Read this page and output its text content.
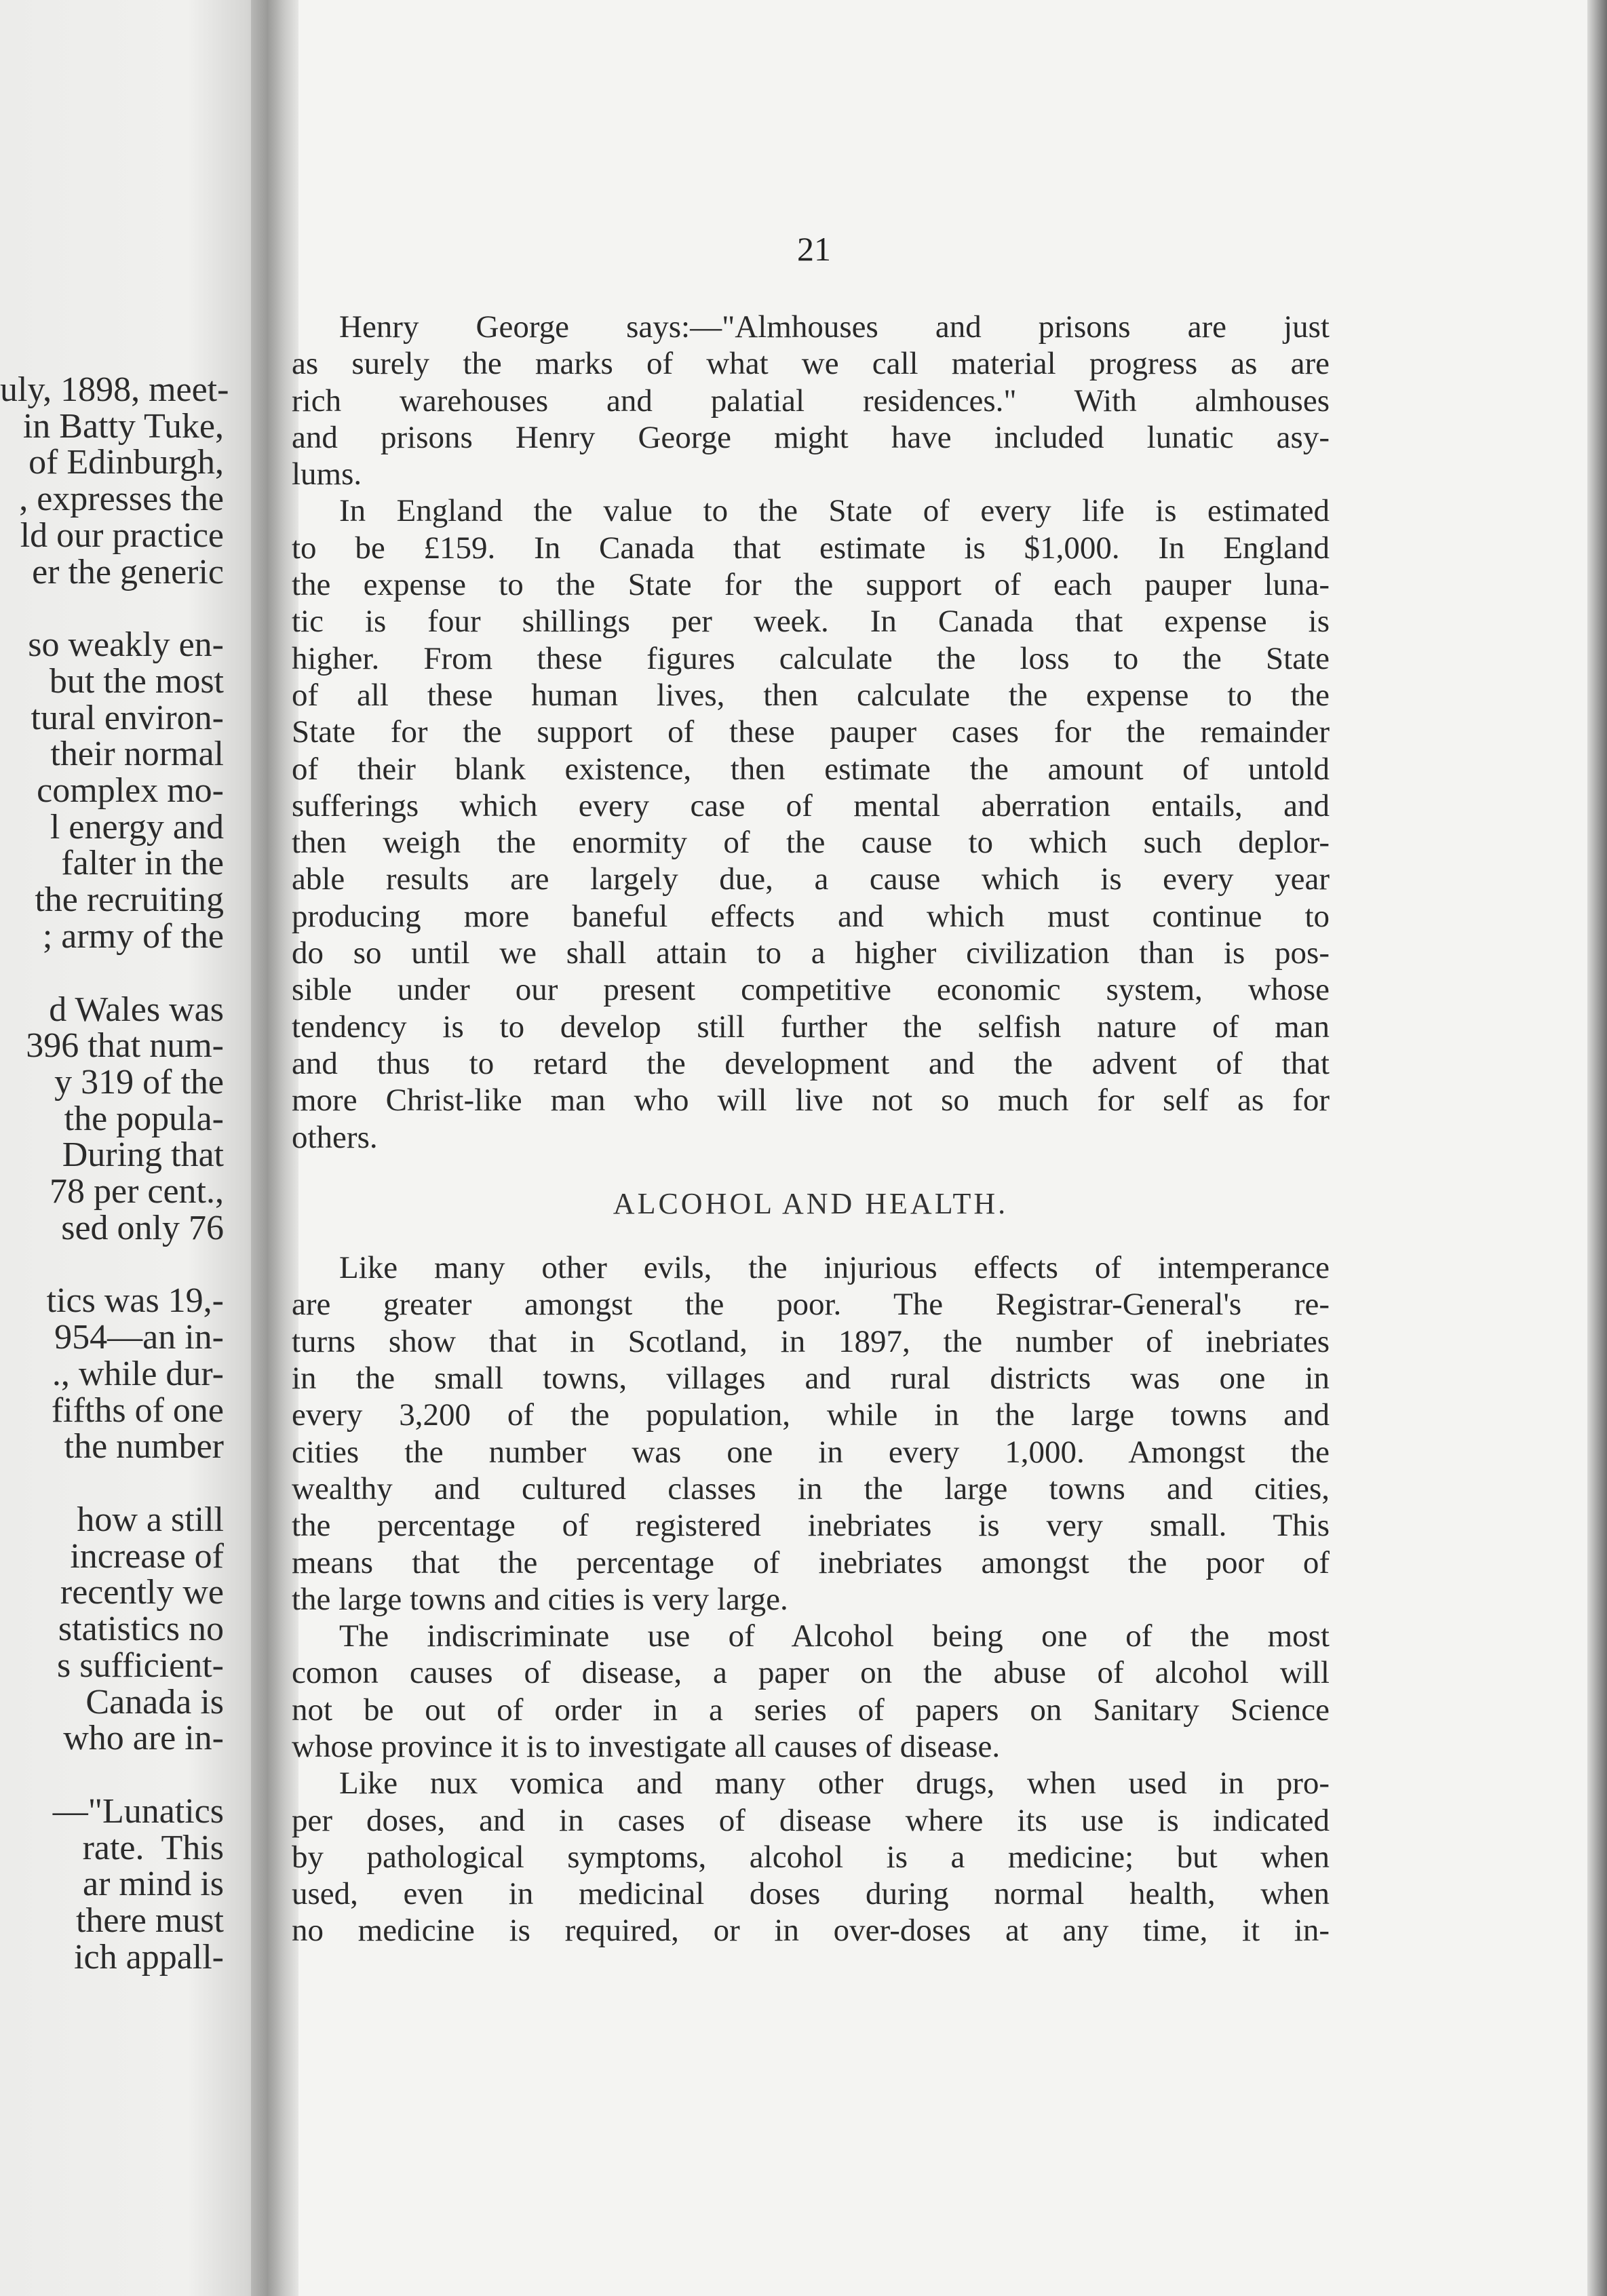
uly, 1898, meet-
in Batty Tuke,
of Edinburgh,
, expresses the
ld our practice
er the generic
so weakly en-
but the most
tural environ-
their normal
complex mo-
l energy and
falter in the
the recruiting
; army of the
d Wales was
396 that num-
y 319 of the
the popula-
During that
78 per cent.,
sed only 76
tics was 19,-
954—an in-
., while dur-
fifths of one
the number
how a still
increase of
recently we
statistics no
s sufficient-
Canada is
who are in-
—"Lunatics
rate.  This
ar mind is
there must
ich appall-
21
Henry George says:—"Almhouses and prisons are just
as surely the marks of what we call material progress as are
rich warehouses and palatial residences." With almhouses
and prisons Henry George might have included lunatic asy-
lums.
In England the value to the State of every life is estimated
to be £159. In Canada that estimate is $1,000. In England
the expense to the State for the support of each pauper luna-
tic is four shillings per week. In Canada that expense is
higher. From these figures calculate the loss to the State
of all these human lives, then calculate the expense to the
State for the support of these pauper cases for the remainder
of their blank existence, then estimate the amount of untold
sufferings which every case of mental aberration entails, and
then weigh the enormity of the cause to which such deplor-
able results are largely due, a cause which is every year
producing more baneful effects and which must continue to
do so until we shall attain to a higher civilization than is pos-
sible under our present competitive economic system, whose
tendency is to develop still further the selfish nature of man
and thus to retard the development and the advent of that
more Christ-like man who will live not so much for self as for
others.
ALCOHOL AND HEALTH.
Like many other evils, the injurious effects of intemperance
are greater amongst the poor. The Registrar-General's re-
turns show that in Scotland, in 1897, the number of inebriates
in the small towns, villages and rural districts was one in
every 3,200 of the population, while in the large towns and
cities the number was one in every 1,000. Amongst the
wealthy and cultured classes in the large towns and cities,
the percentage of registered inebriates is very small. This
means that the percentage of inebriates amongst the poor of
the large towns and cities is very large.
The indiscriminate use of Alcohol being one of the most
comon causes of disease, a paper on the abuse of alcohol will
not be out of order in a series of papers on Sanitary Science
whose province it is to investigate all causes of disease.
Like nux vomica and many other drugs, when used in pro-
per doses, and in cases of disease where its use is indicated
by pathological symptoms, alcohol is a medicine; but when
used, even in medicinal doses during normal health, when
no medicine is required, or in over-doses at any time, it in-
